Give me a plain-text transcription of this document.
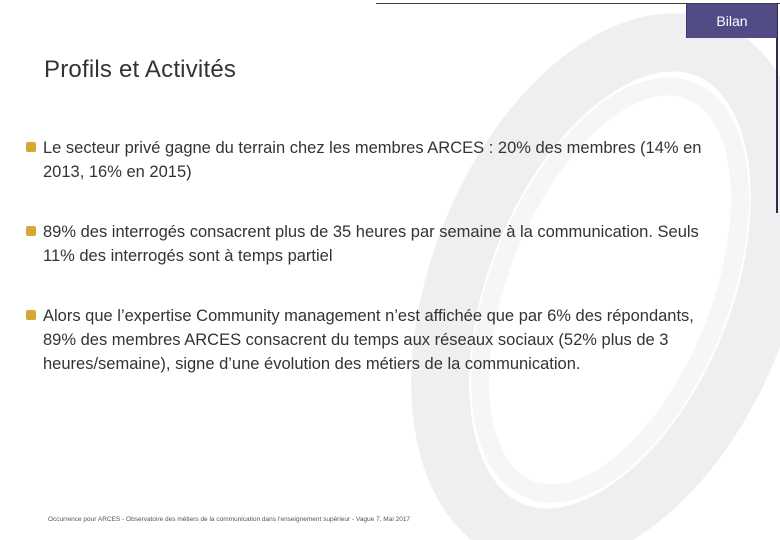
Bilan
Profils et Activités
Le secteur privé gagne du terrain chez les membres ARCES : 20% des membres (14% en 2013, 16% en 2015)
89% des interrogés consacrent plus de 35 heures par semaine à la communication. Seuls 11% des interrogés sont à temps partiel
Alors que l’expertise Community management n’est affichée que par 6% des répondants, 89% des membres ARCES consacrent du temps aux réseaux sociaux (52% plus de 3 heures/semaine), signe d’une évolution des métiers de la communication.
Occurrence pour ARCES - Observatoire des métiers de la communication dans l'enseignement supérieur - Vague 7, Mai 2017
